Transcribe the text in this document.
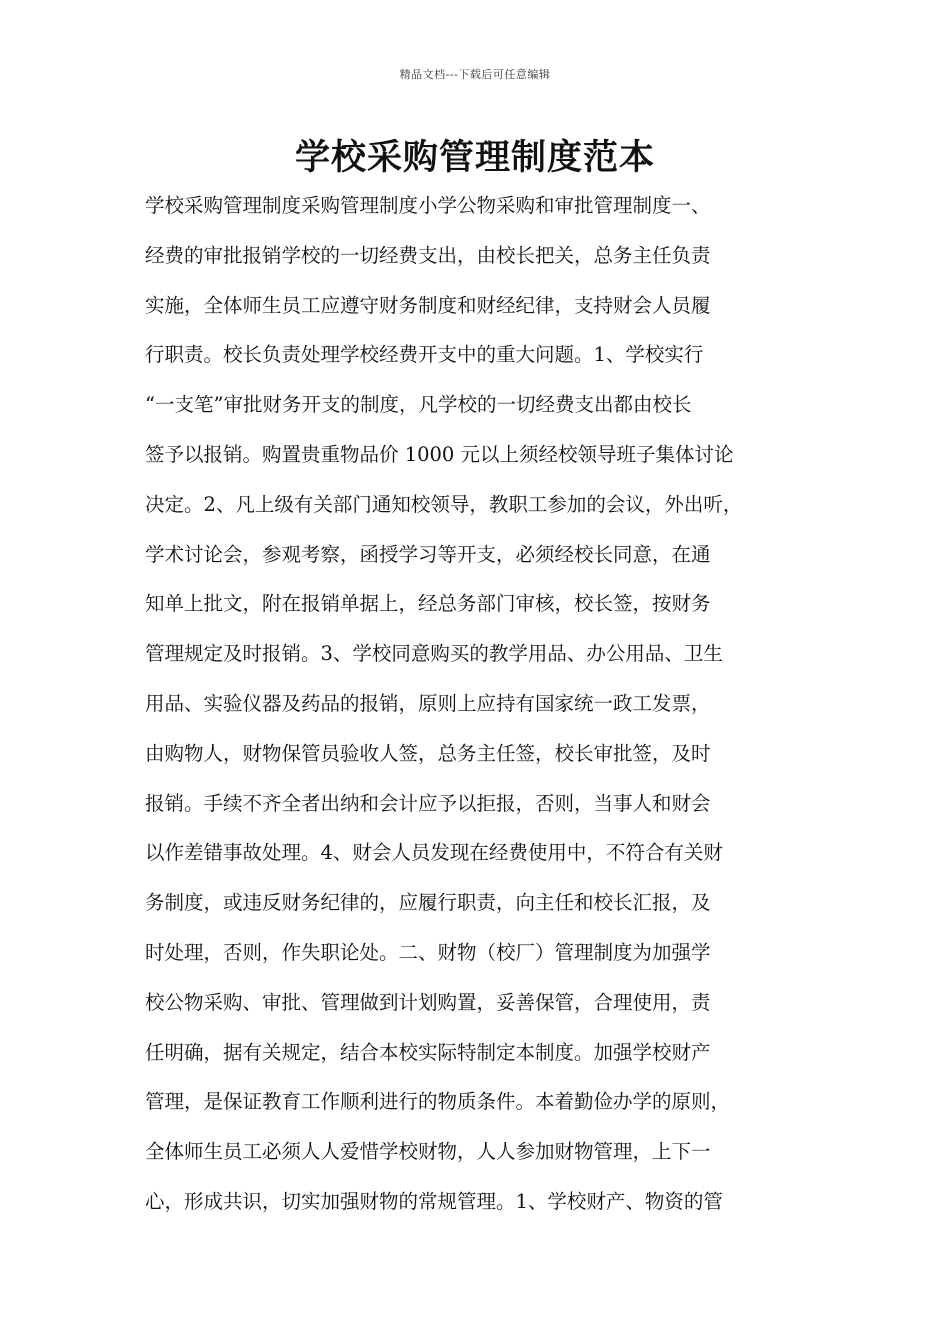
精品文档---下载后可任意编辑
学校采购管理制度范本
学校采购管理制度采购管理制度小学公物采购和审批管理制度一、
经费的审批报销学校的一切经费支出，由校长把关，总务主任负责
实施，全体师生员工应遵守财务制度和财经纪律，支持财会人员履
行职责。校长负责处理学校经费开支中的重大问题。1、学校实行
“一支笔”审批财务开支的制度，凡学校的一切经费支出都由校长
签予以报销。购置贵重物品价 1000 元以上须经校领导班子集体讨论
决定。2、凡上级有关部门通知校领导，教职工参加的会议，外出听，
学术讨论会，参观考察，函授学习等开支，必须经校长同意，在通
知单上批文，附在报销单据上，经总务部门审核，校长签，按财务
管理规定及时报销。3、学校同意购买的教学用品、办公用品、卫生
用品、实验仪器及药品的报销，原则上应持有国家统一政工发票，
由购物人，财物保管员验收人签，总务主任签，校长审批签，及时
报销。手续不齐全者出纳和会计应予以拒报，否则，当事人和财会
以作差错事故处理。4、财会人员发现在经费使用中，不符合有关财
务制度，或违反财务纪律的，应履行职责，向主任和校长汇报，及
时处理，否则，作失职论处。二、财物（校厂）管理制度为加强学
校公物采购、审批、管理做到计划购置，妥善保管，合理使用，责
任明确，据有关规定，结合本校实际特制定本制度。加强学校财产
管理，是保证教育工作顺利进行的物质条件。本着勤俭办学的原则，
全体师生员工必须人人爱惜学校财物，人人参加财物管理，上下一
心，形成共识，切实加强财物的常规管理。1、学校财产、物资的管
